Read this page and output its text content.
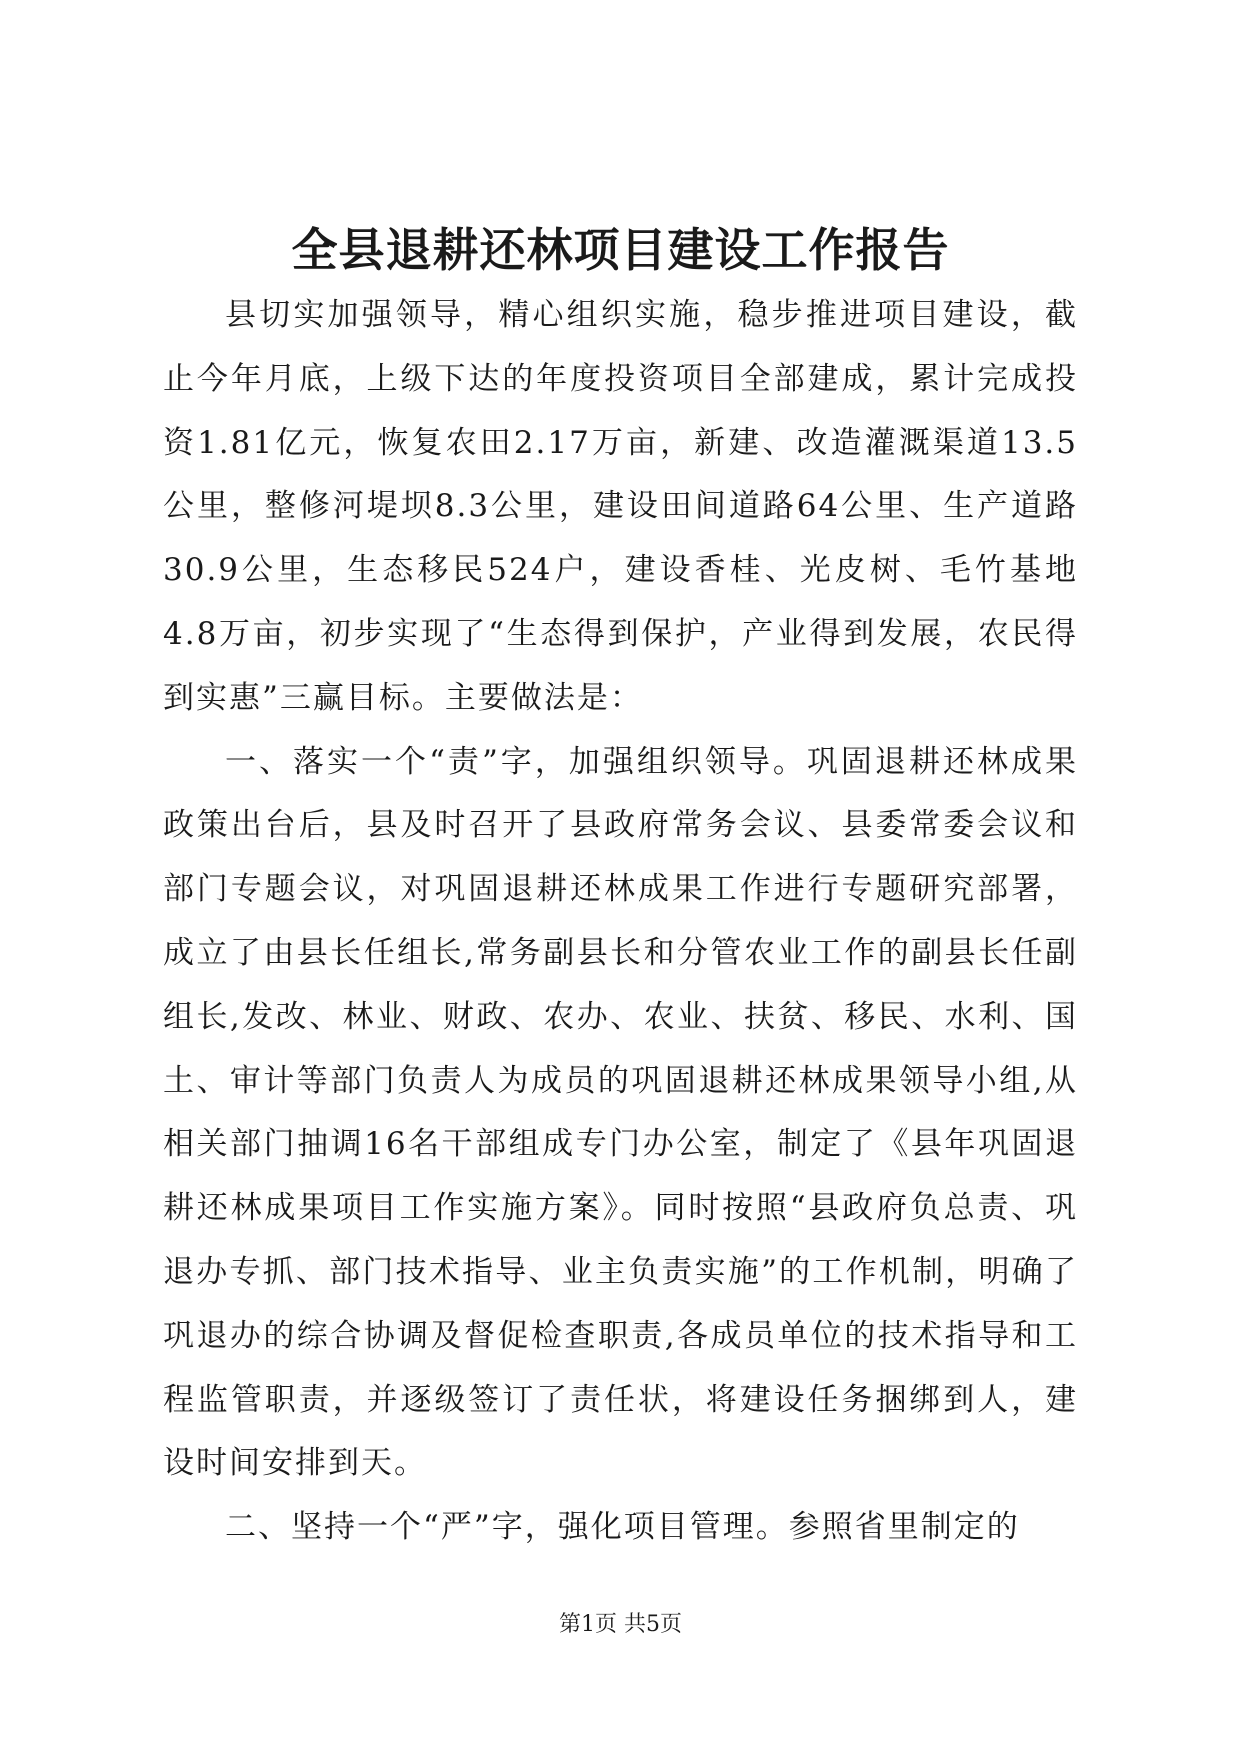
全县退耕还林项目建设工作报告

县切实加强领导，精心组织实施，稳步推进项目建设，截止今年月底，上级下达的年度投资项目全部建成，累计完成投资1.81亿元，恢复农田2.17万亩，新建、改造灌溉渠道13.5公里，整修河堤坝8.3公里，建设田间道路64公里、生产道路30.9公里，生态移民524户，建设香桂、光皮树、毛竹基地4.8万亩，初步实现了“生态得到保护，产业得到发展，农民得到实惠”三赢目标。主要做法是：

一、落实一个“责”字，加强组织领导。巩固退耕还林成果政策出台后，县及时召开了县政府常务会议、县委常委会议和部门专题会议，对巩固退耕还林成果工作进行专题研究部署，成立了由县长任组长,常务副县长和分管农业工作的副县长任副组长,发改、林业、财政、农办、农业、扶贫、移民、水利、国土、审计等部门负责人为成员的巩固退耕还林成果领导小组,从相关部门抽调16名干部组成专门办公室，制定了《县年巩固退耕还林成果项目工作实施方案》。同时按照“县政府负总责、巩退办专抓、部门技术指导、业主负责实施”的工作机制，明确了巩退办的综合协调及督促检查职责,各成员单位的技术指导和工程监管职责，并逐级签订了责任状，将建设任务捆绑到人，建设时间安排到天。

二、坚持一个“严”字，强化项目管理。参照省里制定的

第1页 共5页
